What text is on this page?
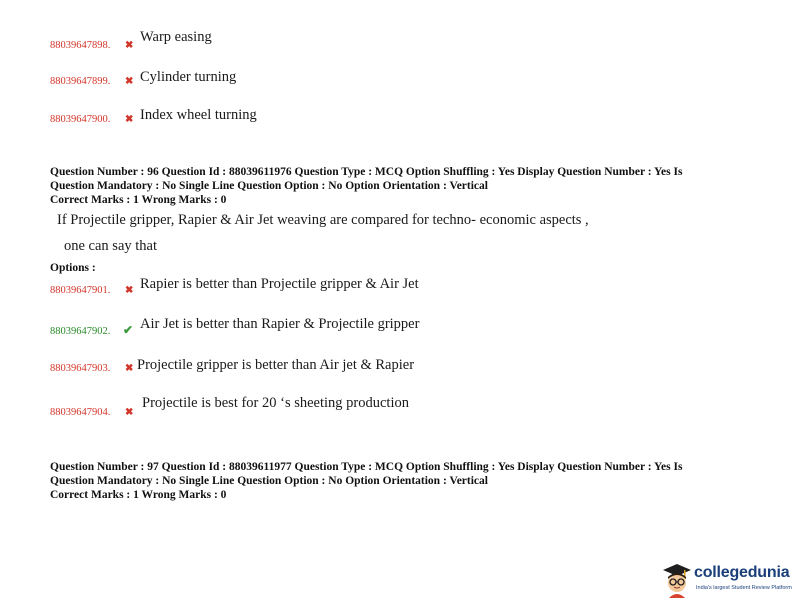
88039647898. ✖
Warp easing
88039647899. ✖ Cylinder turning
88039647900. ✖ Index wheel turning
Question Number : 96 Question Id : 88039611976 Question Type : MCQ Option Shuffling : Yes Display Question Number : Yes Is
Question Mandatory : No Single Line Question Option : No Option Orientation : Vertical
Correct Marks : 1 Wrong Marks : 0
If Projectile gripper, Rapier & Air Jet weaving are compared for techno- economic aspects ,
one can say that
Options :
88039647901. ✖ Rapier is better than Projectile gripper & Air Jet
88039647902. ✔ Air Jet is better than Rapier & Projectile gripper
88039647903. ✖ Projectile gripper is better than Air jet & Rapier
88039647904. ✖
Projectile is best for 20 ‘s sheeting production
Question Number : 97 Question Id : 88039611977 Question Type : MCQ Option Shuffling : Yes Display Question Number : Yes Is
Question Mandatory : No Single Line Question Option : No Option Orientation : Vertical
Correct Marks : 1 Wrong Marks : 0
collegedunia
India's largest Student Review Platform
